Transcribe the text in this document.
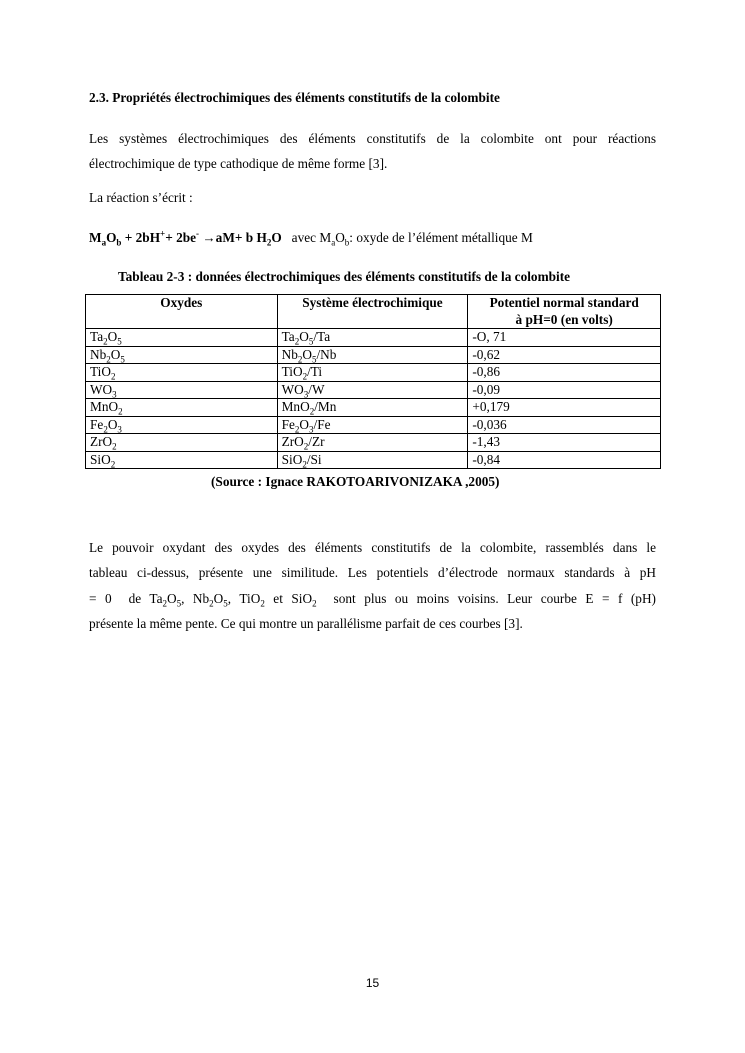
2.3. Propriétés électrochimiques des éléments constitutifs de la colombite
Les systèmes électrochimiques des éléments constitutifs de la colombite ont pour réactions
électrochimique de type cathodique de même forme [3].
La réaction s’écrit :
$M_aO_b + 2bH^++ 2be^- \to aM+ b$ $H_2O$ avec $M_aO_b$: oxyde de l’élément métallique M
Tableau 2-3 : données électrochimiques des éléments constitutifs de la colombite
Oxydes	Système électrochimique	Potentiel normal standard
à pH=0 (en volts)
$Ta_2O_5$	$Ta_2O_5/Ta$	-O, 71
$Nb_2O_5$	$Nb_2O_5/Nb$	-0,62
TiO$_2$	TiO$_2$/Ti	-0,86
$WO_3$	$WO_3/W$	-0,09
MnO$_2$	MnO$_2$/Mn	+0,179
$Fe_2O_3$	$Fe_2O_3/Fe$	-0,036
ZrO$_2$	ZrO$_2$/Zr	-1,43
SiO$_2$	SiO$_2$/Si	-0,84
(Source : Ignace RAKOTOARIVONIZAKA ,2005)
Le pouvoir oxydant des oxydes des éléments constitutifs de la colombite, rassemblés dans le
tableau ci-dessus, présente une similitude. Les potentiels d’électrode normaux standards à pH
= 0  de $Ta_2O_5$, $Nb_2O_5$, TiO$_2$ et SiO$_2$  sont plus ou moins voisins. Leur courbe E = f (pH)
présente la même pente. Ce qui montre un parallélisme parfait de ces courbes [3].
15
